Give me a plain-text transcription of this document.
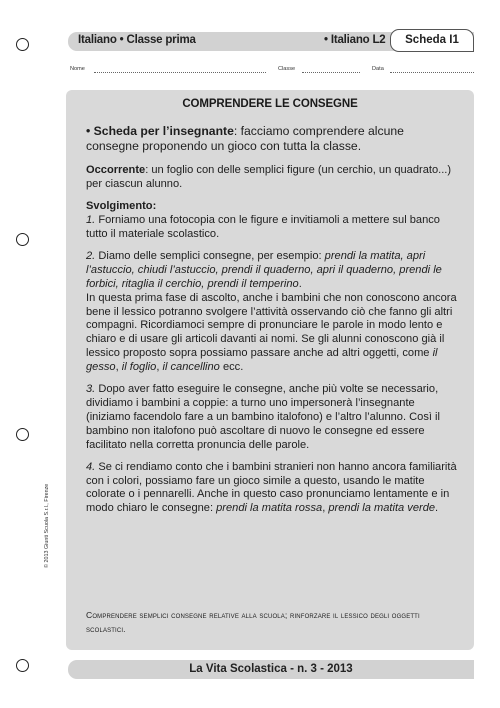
Italiano • Classe prima	• Italiano L2	Scheda I1
Nome	Classe	Data
COMPRENDERE LE CONSEGNE

• Scheda per l’insegnante: facciamo comprendere alcune consegne proponendo un gioco con tutta la classe.

Occorrente: un foglio con delle semplici figure (un cerchio, un quadrato...) per ciascun alunno.

Svolgimento:

1. Forniamo una fotocopia con le figure e invitiamoli a mettere sul banco tutto il materiale scolastico.

2. Diamo delle semplici consegne, per esempio: prendi la matita, apri l’astuccio, chiudi l’astuccio, prendi il quaderno, apri il quaderno, prendi le forbici, ritaglia il cerchio, prendi il temperino.

In questa prima fase di ascolto, anche i bambini che non conoscono ancora bene il lessico potranno svolgere l’attività osservando ciò che fanno gli altri compagni. Ricordiamoci sempre di pronunciare le parole in modo lento e chiaro e di usare gli articoli davanti ai nomi. Se gli alunni conoscono già il lessico proposto sopra possiamo passare anche ad altri oggetti, come il gesso, il foglio, il cancellino ecc.

3. Dopo aver fatto eseguire le consegne, anche più volte se necessario, dividiamo i bambini a coppie: a turno uno impersonerà l’insegnante (iniziamo facendolo fare a un bambino italofono) e l’altro l’alunno. Così il bambino non italofono può ascoltare di nuovo le consegne ed essere facilitato nella corretta pronuncia delle parole.

4. Se ci rendiamo conto che i bambini stranieri non hanno ancora familiarità con i colori, possiamo fare un gioco simile a questo, usando le matite colorate o i pennarelli. Anche in questo caso pronunciamo lentamente e in modo chiaro le consegne: prendi la matita rossa, prendi la matita verde.

Comprendere semplici consegne relative alla scuola; rinforzare il lessico degli oggetti scolastici.
La Vita Scolastica - n. 3 - 2013
© 2013 Giunti Scuola S.r.l., Firenze
